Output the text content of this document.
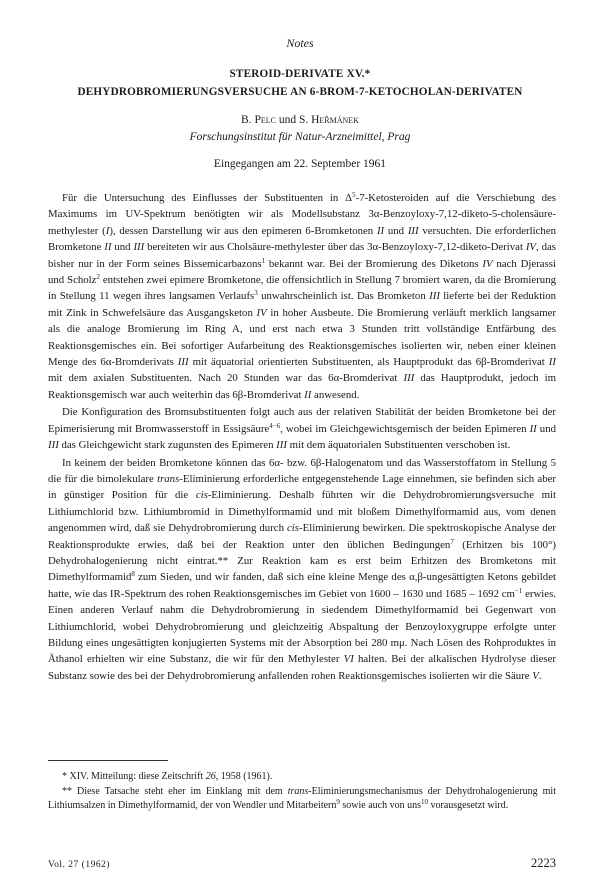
Notes
STEROID-DERIVATE XV.*
DEHYDROBROMIERUNGSVERSUCHE AN 6-BROM-7-KETOCHOLAN-DERIVATEN
B. Pelc und S. Heřmánek
Forschungsinstitut für Natur-Arzneimittel, Prag
Eingegangen am 22. September 1961

Für die Untersuchung des Einflusses der Substituenten in $\Delta^5-7$-Ketosteroiden auf die Verschiebung des Maximums im UV-Spektrum benötigten wir als Modellsubstanz 3α-Benzoyloxy-7,12-diketo-5-cholensäure-methylester (I), dessen Darstellung wir aus den epimeren 6-Bromketonen II und III versuchten. Die erforderlichen Bromketone II und III bereiteten wir aus Cholsäure-methylester über das 3α-Benzoyloxy-7,12-diketo-Derivat IV, das bisher nur in der Form seines Bissemicarbazons$^1$ bekannt war. Bei der Bromierung des Diketons IV nach Djerassi und Scholz$^2$ entstehen zwei epimere Bromketone, die offensichtlich in Stellung 7 bromiert waren, da die Bromierung in Stellung 11 wegen ihres langsamen Verlaufs$^3$ unwahrscheinlich ist. Das Bromketon III lieferte bei der Reduktion mit Zink in Schwefelsäure das Ausgangsketon IV in hoher Ausbeute. Die Bromierung verläuft merklich langsamer als die analoge Bromierung im Ring A, und erst nach etwa 3 Stunden tritt vollständige Entfärbung des Reaktionsgemisches ein. Bei sofortiger Aufarbeitung des Reaktionsgemisches isolierten wir, neben einer kleinen Menge des 6α-Bromderivats III mit äquatorial orientierten Substituenten, als Hauptprodukt das 6β-Bromderivat II mit dem axialen Substituenten. Nach 20 Stunden war das 6α-Bromderivat III das Hauptprodukt, jedoch im Reaktionsgemisch war auch weiterhin das 6β-Bromderivat II anwesend.

Die Konfiguration des Bromsubstituenten folgt auch aus der relativen Stabilität der beiden Bromketone bei der Epimerisierung mit Bromwasserstoff in Essigsäure$^{4-6}$, wobei im Gleichgewichtsgemisch der beiden Epimeren II und III das Gleichgewicht stark zugunsten des Epimeren III mit dem äquatorialen Substituenten verschoben ist.

In keinem der beiden Bromketone können das 6α- bzw. 6β-Halogenatom und das Wasserstoffatom in Stellung 5 die für die bimolekulare trans-Eliminierung erforderliche entgegenstehende Lage einnehmen, sie befinden sich aber in günstiger Position für die cis-Eliminierung. Deshalb führten wir die Dehydrobromierungsversuche mit Lithiumchlorid bzw. Lithiumbromid in Dimethylformamid und mit bloßem Dimethylformamid aus, vom denen angenommen wird, daß sie Dehydrobromierung durch cis-Eliminierung bewirken. Die spektroskopische Analyse der Reaktionsprodukte erwies, daß bei der Reaktion unter den üblichen Bedingungen$^7$ (Erhitzen bis 100°) Dehydrohalogenierung nicht eintrat.** Zur Reaktion kam es erst beim Erhitzen des Bromketons mit Dimethylformamid$^8$ zum Sieden, und wir fanden, daß sich eine kleine Menge des α,β-ungesättigten Ketons gebildet hatte, wie das IR-Spektrum des rohen Reaktionsgemisches im Gebiet von 1600 – 1630 und 1685 – 1692 $cm^{-1}$ erwies. Einen anderen Verlauf nahm die Dehydrobromierung in siedendem Dimethylformamid bei Gegenwart von Lithiumchlorid, wobei Dehydrobromierung und gleichzeitig Abspaltung der Benzoyloxygruppe erfolgte unter Bildung eines ungesättigten konjugierten Systems mit der Absorption bei 280 mμ. Nach Lösen des Rohproduktes in Äthanol erhielten wir eine Substanz, die wir für den Methylester VI halten. Bei der alkalischen Hydrolyse dieser Substanz sowie des bei der Dehydrobromierung anfallenden rohen Reaktionsgemisches isolierten wir die Säure V.

* XIV. Mitteilung: diese Zeitschrift 26, 1958 (1961).

** Diese Tatsache steht eher im Einklang mit dem trans-Eliminierungsmechanismus der Dehydrohalogenierung mit Lithiumsalzen in Dimethylformamid, der von Wendler und Mitarbeitern$^9$ sowie auch von uns$^{10}$ vorausgesetzt wird.

Vol. 27 (1962)	2223
